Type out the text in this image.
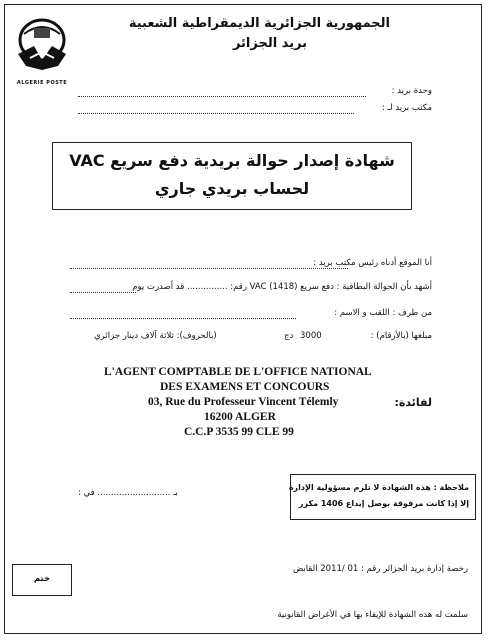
ALGERIE POSTE
الجمهورية الجزائرية الديمقراطية الشعبية
بريد الجزائر
وحدة بريد :
مكتب بريد لـ :
شهادة إصدار حوالة بريدية دفع سريع VAC
لحساب بريدي جاري
أنا الموقع أدناه رئيس مكتب بريد :
أشهد بأن الحوالة البطاقية : دفع سريع VAC (1418) رقم: ............... قد أصدرت يوم
من طرف : اللقب و الاسم :
مبلغها (بالأرقام) :
3000
دج
(بالحروف): ثلاثة آلاف دينار جزائري
L'AGENT COMPTABLE DE L'OFFICE NATIONAL
DES EXAMENS ET CONCOURS
03, Rue du Professeur Vincent Télemly
16200 ALGER
C.C.P 3535 99 CLE 99
لفائدة:
بـ ........................... في :
ملاحظة : هذه الشهادة لا تلزم مسؤولية الإدارة
إلا إذا كانت مرفوقة بوصل إيداع 1406 مكرر
رخصة إدارة بريد الجزائر رقم : 01 /2011 القابض
ختم
سلمت له هذه الشهادة للإيفاء بها في الأغراض القانونية
